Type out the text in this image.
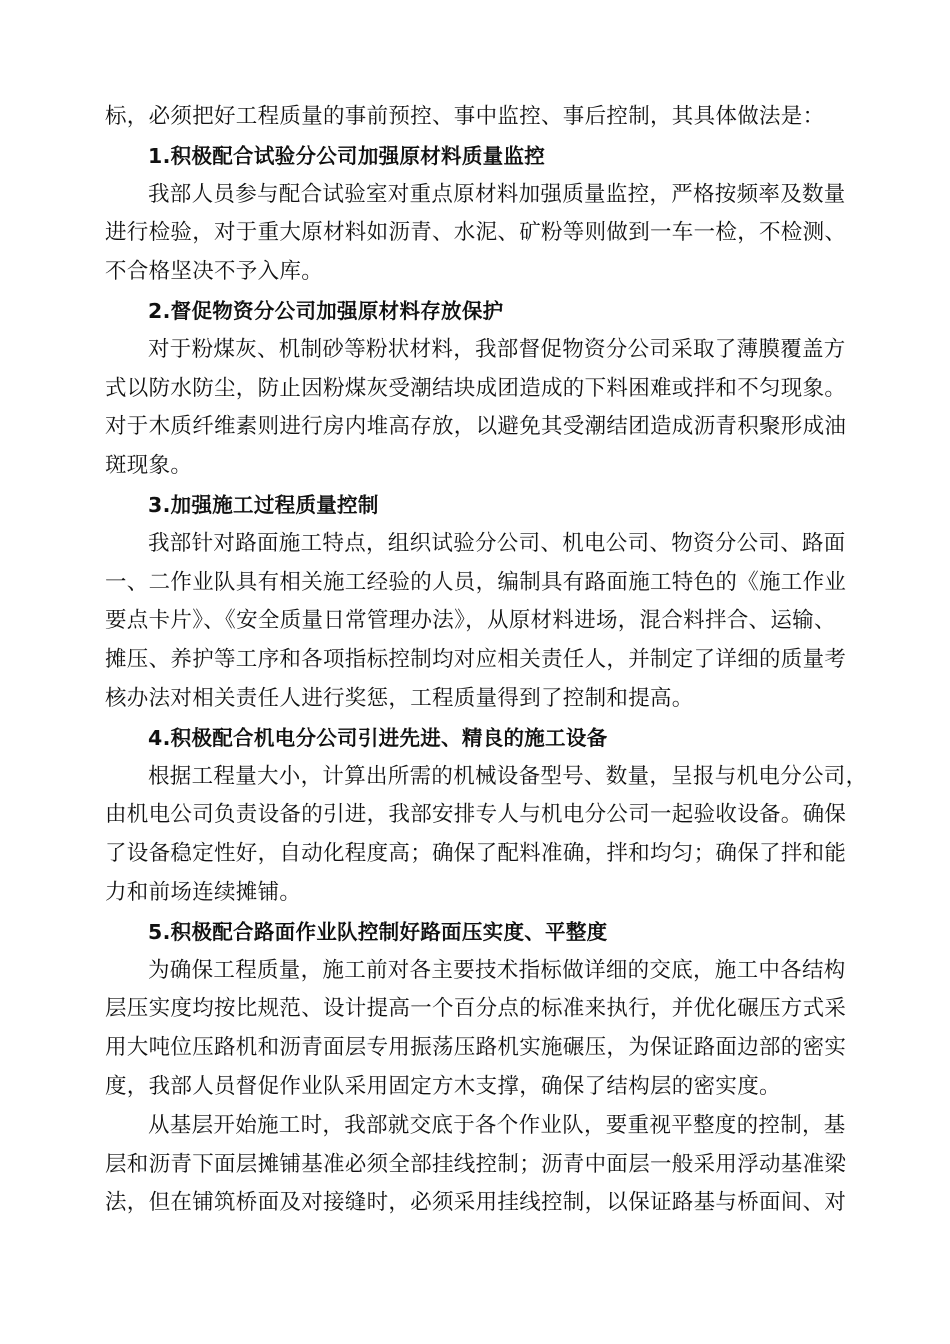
标，必须把好工程质量的事前预控、事中监控、事后控制，其具体做法是：
1.积极配合试验分公司加强原材料质量监控
我部人员参与配合试验室对重点原材料加强质量监控，严格按频率及数量
进行检验，对于重大原材料如沥青、水泥、矿粉等则做到一车一检，不检测、
不合格坚决不予入库。
2.督促物资分公司加强原材料存放保护
对于粉煤灰、机制砂等粉状材料，我部督促物资分公司采取了薄膜覆盖方
式以防水防尘，防止因粉煤灰受潮结块成团造成的下料困难或拌和不匀现象。
对于木质纤维素则进行房内堆高存放，以避免其受潮结团造成沥青积聚形成油
斑现象。
3.加强施工过程质量控制
我部针对路面施工特点，组织试验分公司、机电公司、物资分公司、路面
一、二作业队具有相关施工经验的人员，编制具有路面施工特色的《施工作业
要点卡片》、《安全质量日常管理办法》，从原材料进场，混合料拌合、运输、
摊压、养护等工序和各项指标控制均对应相关责任人，并制定了详细的质量考
核办法对相关责任人进行奖惩，工程质量得到了控制和提高。
4.积极配合机电分公司引进先进、精良的施工设备
根据工程量大小，计算出所需的机械设备型号、数量，呈报与机电分公司，
由机电公司负责设备的引进，我部安排专人与机电分公司一起验收设备。确保
了设备稳定性好，自动化程度高；确保了配料准确，拌和均匀；确保了拌和能
力和前场连续摊铺。
5.积极配合路面作业队控制好路面压实度、平整度
为确保工程质量，施工前对各主要技术指标做详细的交底，施工中各结构
层压实度均按比规范、设计提高一个百分点的标准来执行，并优化碾压方式采
用大吨位压路机和沥青面层专用振荡压路机实施碾压，为保证路面边部的密实
度，我部人员督促作业队采用固定方木支撑，确保了结构层的密实度。
从基层开始施工时，我部就交底于各个作业队，要重视平整度的控制，基
层和沥青下面层摊铺基准必须全部挂线控制；沥青中面层一般采用浮动基准梁
法，但在铺筑桥面及对接缝时，必须采用挂线控制，以保证路基与桥面间、对
